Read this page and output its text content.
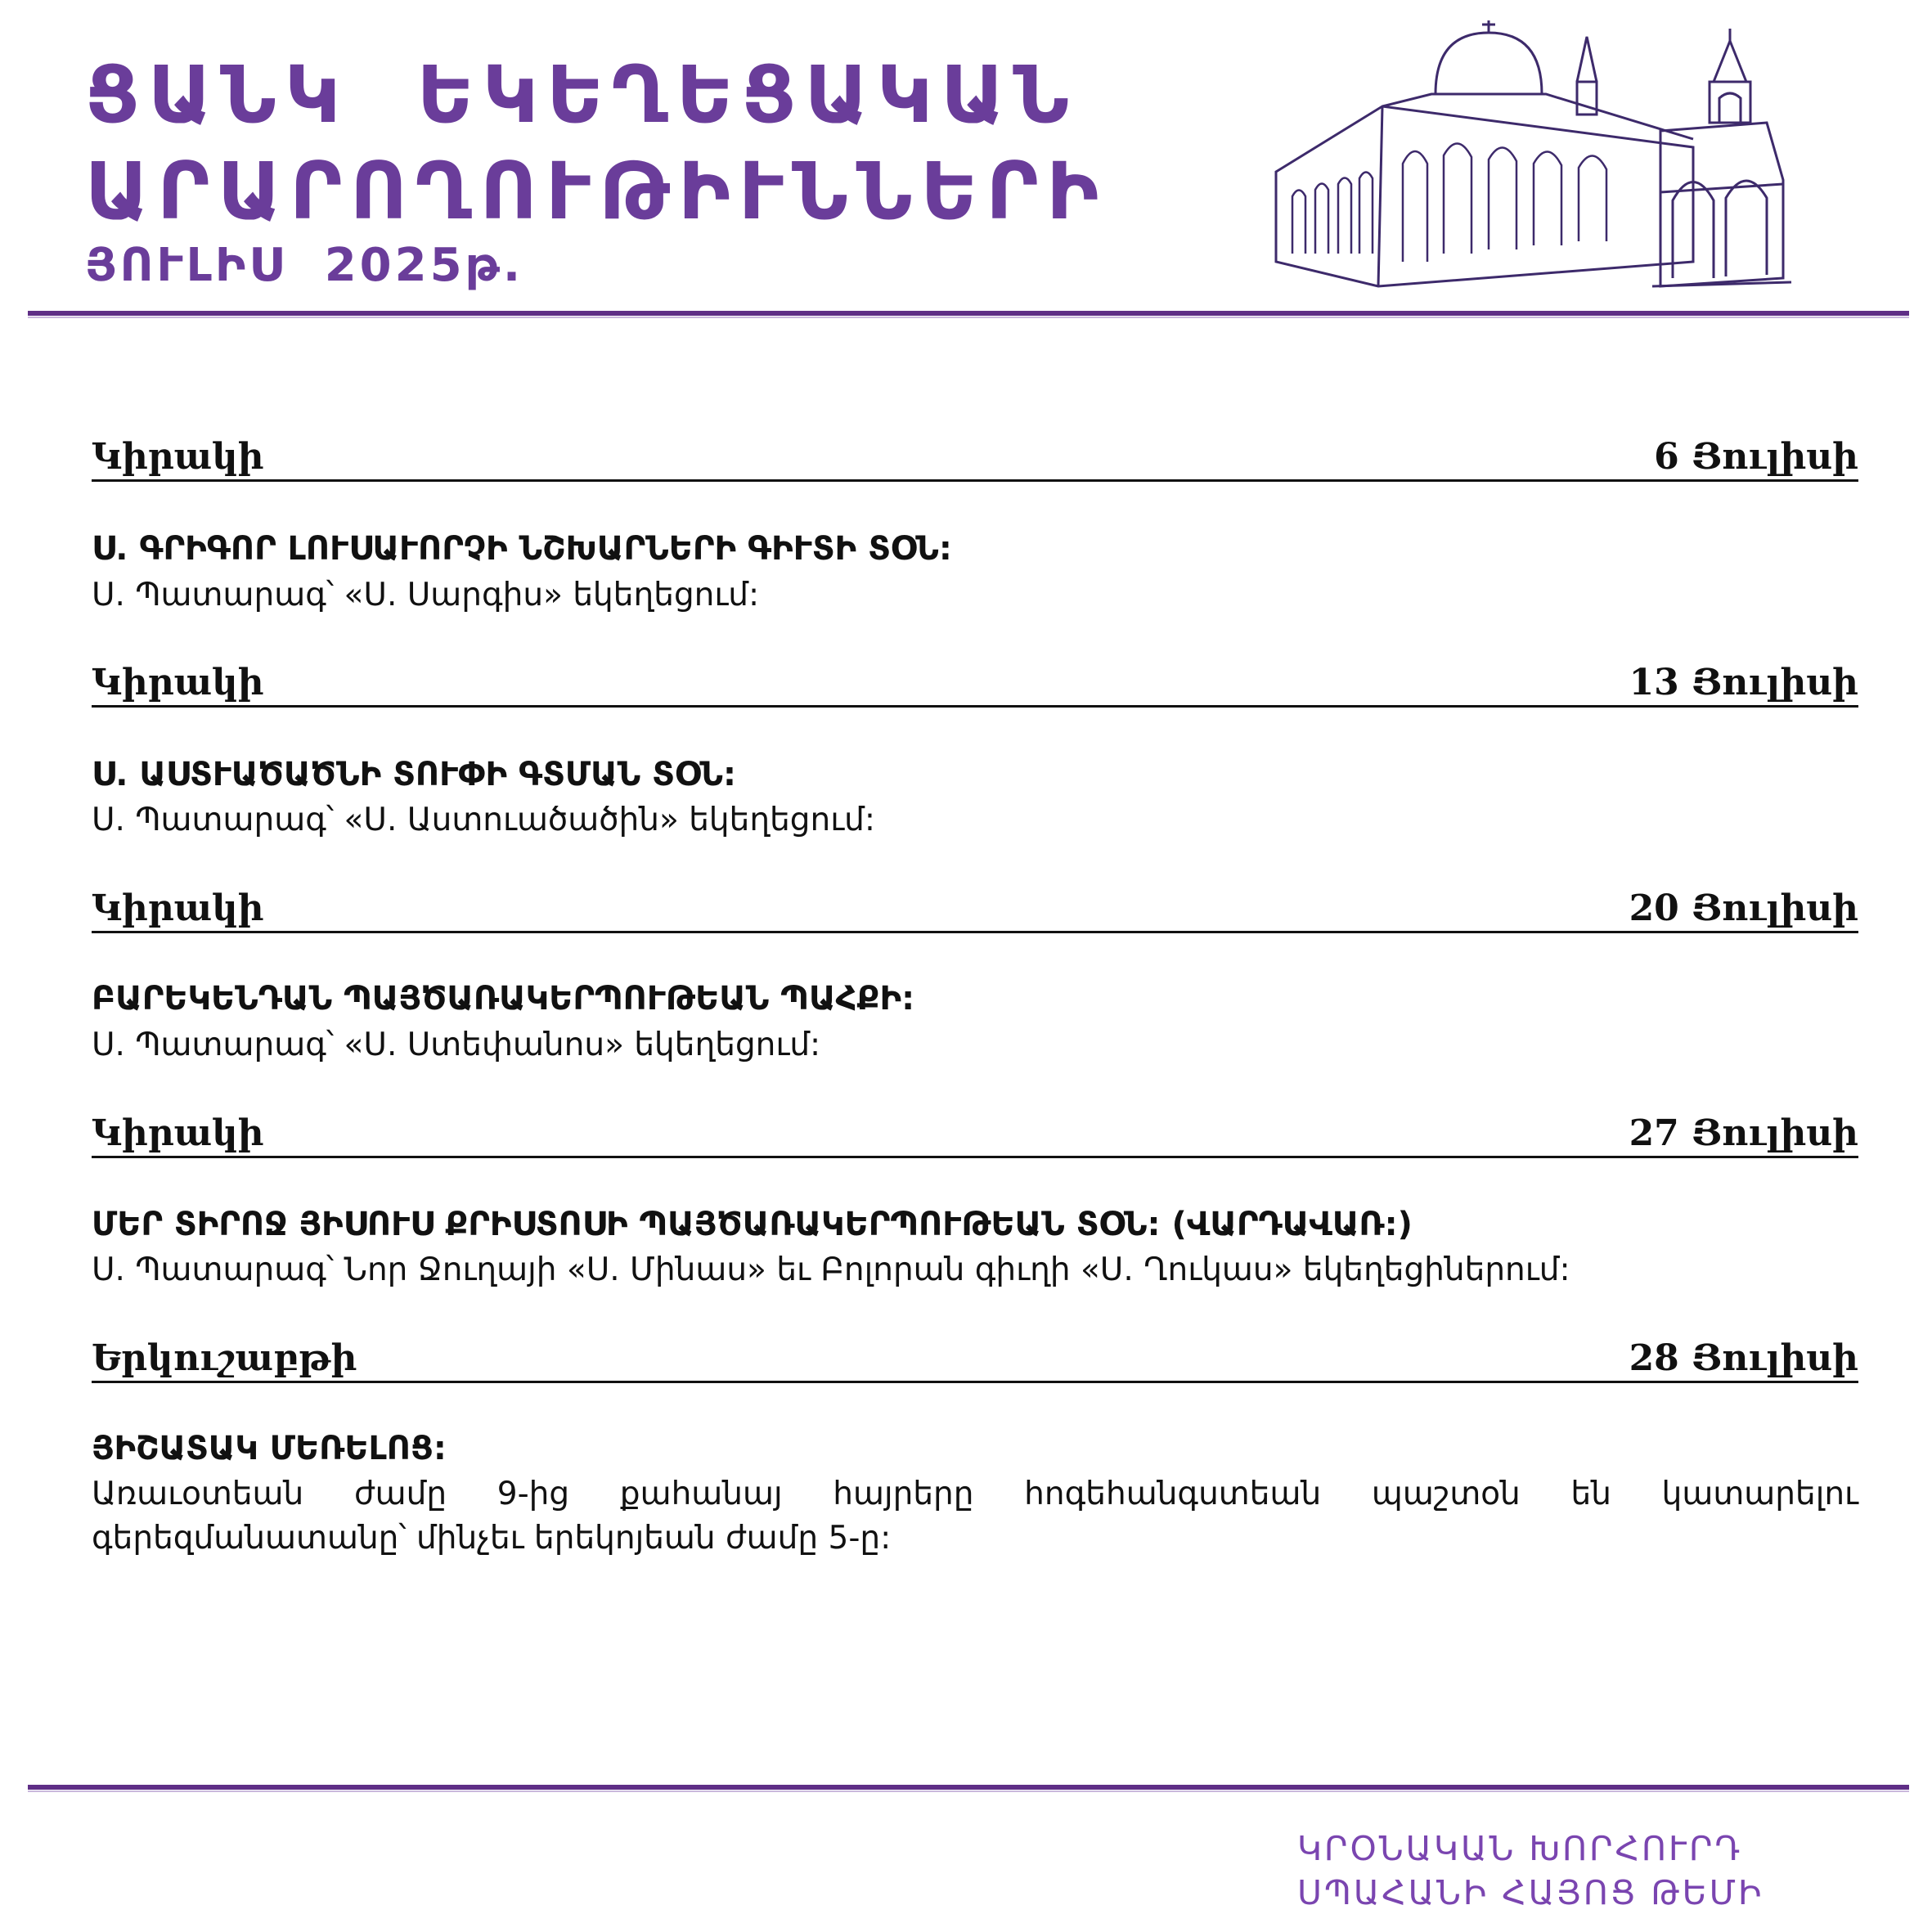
ՑԱՆԿ ԵԿԵՂԵՑԱԿԱՆ
ԱՐԱՐՈՂՈՒԹԻՒՆՆԵՐԻ
ՅՈՒԼԻՍ 2025թ.
Կիրակի	6 Յուլիսի
Ս. ԳՐԻԳՈՐ ԼՈՒՍԱՒՈՐՉԻ ՆՇԽԱՐՆԵՐԻ ԳԻՒՏԻ ՏՕՆ:
Ս. Պատարագ՝ «Ս. Սարգիս» եկեղեցում:
Կիրակի	13 Յուլիսի
Ս. ԱՍՏՒԱԾԱԾՆԻ ՏՈՒՓԻ ԳՏՄԱՆ ՏՕՆ:
Ս. Պատարագ՝ «Ս. Աստուածածին» եկեղեցում:
Կիրակի	20 Յուլիսի
ԲԱՐԵԿԵՆԴԱՆ ՊԱՅԾԱՌԱԿԵՐՊՈՒԹԵԱՆ ՊԱՀՔԻ:
Ս. Պատարագ՝ «Ս. Ստեփանոս» եկեղեցում:
Կիրակի	27 Յուլիսի
ՄԵՐ ՏԻՐՈՋ ՅԻՍՈՒՍ ՔՐԻՍՏՈՍԻ ՊԱՅԾԱՌԱԿԵՐՊՈՒԹԵԱՆ ՏՕՆ: (ՎԱՐԴԱՎԱՌ:)
Ս. Պատարագ՝ Նոր Ջուղայի «Ս. Մինաս» եւ Բոլորան գիւղի «Ս. Ղուկաս» եկեղեցիներում:
Երկուշաբթի	28 Յուլիսի
ՅԻՇԱՏԱԿ ՄԵՌԵԼՈՑ:

Առաւօտեան ժամը 9-ից քահանայ հայրերը հոգեհանգստեան պաշտօն են կատարելու գերեզմանատանը՝ մինչեւ երեկոյեան ժամը 5-ը:

ԿՐՕՆԱԿԱՆ ԽՈՐՀՈՒՐԴ
ՍՊԱՀԱՆԻ ՀԱՅՈՑ ԹԵՄԻ
